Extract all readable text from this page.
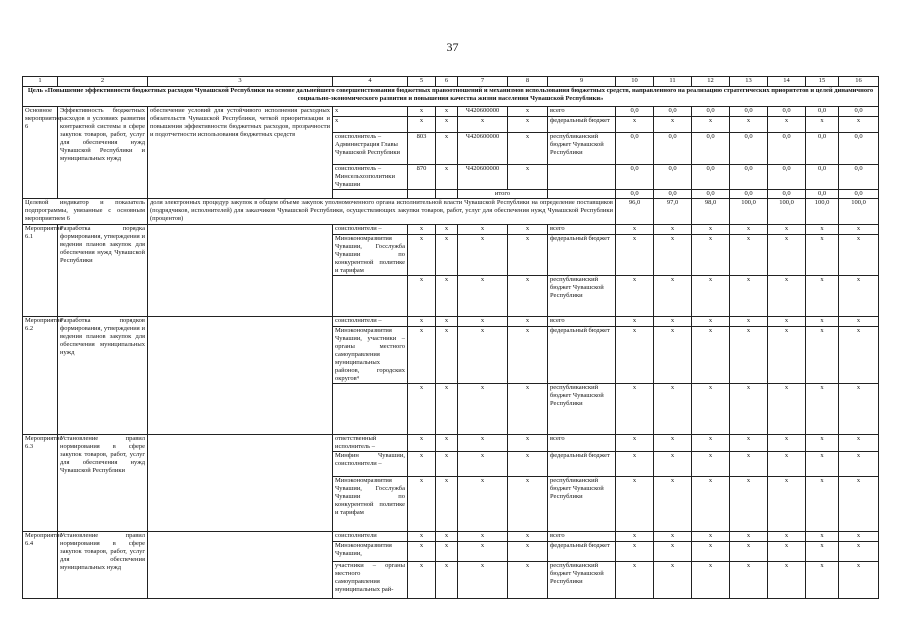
37
1	2	3	4	5	6	7	8	9	10	11	12	13	14	15	16
Цель «Повышение эффективности бюджетных расходов Чувашской Республики на основе дальнейшего совершенствования бюджетных правоотношений и механизмов использования бюджетных средств, направленного на реализацию стратегических приоритетов и целей динамичного социально-экономического развития и повышения качества жизни населения Чувашской Республики»															
Основное мероприятие 6	Эффективность бюджетных расходов в условиях развития контрактной системы в сфере закупок товаров, работ, услуг для обеспечения нужд Чувашской Республики и муниципальных нужд	обеспечение условий для устойчивого исполнения расходных обязательств Чувашской Республики, четкой приоритизации и повышения эффективности бюджетных расходов, прозрачности и подотчетности использования бюджетных средств	х	х	х	Ч420600000	х	всего	0,0	0,0	0,0	0,0	0,0	0,0	0,0
			х	х	х	х	х	федеральный бюджет	х	х	х	х	х	х	х
			соисполнитель – Администрация Главы Чувашской Республики	803	х	Ч420600000	х	республиканский бюджет Чувашской Республики	0,0	0,0	0,0	0,0	0,0	0,0	0,0
			соисполнитель – Минсельхозполитики Чувашии	870	х	Ч420600000	х		0,0	0,0	0,0	0,0	0,0	0,0	0,0
						итого			0,0	0,0	0,0	0,0	0,0	0,0	0,0
Целевой индикатор и показатель подпрограммы, увязанные с основным мероприятием 6		доля электронных процедур закупок в общем объеме закупок уполномоченного органа исполнительной власти Чувашской Республики на определение поставщиков (подрядчиков, исполнителей) для заказчиков Чувашской Республики, осуществляющих закупки товаров, работ, услуг для обеспечения нужд Чувашской Республики (процентов)							96,0	97,0	98,0	100,0	100,0	100,0	100,0
Мероприятие 6.1	Разработка порядка формирования, утверждения и ведения планов закупок для обеспечения нужд Чувашской Республики		соисполнители –	х	х	х	х	всего	х	х	х	х	х	х	х
			Минэкономразвития Чувашии, Госслужба Чувашии по конкурентной политике и тарифам	х	х	х	х	федеральный бюджет	х	х	х	х	х	х	х
				х	х	х	х	республиканский бюджет Чувашской Республики	х	х	х	х	х	х	х
Мероприятие 6.2	Разработка порядков формирования, утверждения и ведения планов закупок для обеспечения муниципальных нужд		соисполнители –	х	х	х	х	всего	х	х	х	х	х	х	х
			Минэкономразвития Чувашии, участники – органы местного самоуправления муниципальных районов, городских округов⁴	х	х	х	х	федеральный бюджет	х	х	х	х	х	х	х
				х	х	х	х	республиканский бюджет Чувашской Республики	х	х	х	х	х	х	х
Мероприятие 6.3	Установление правил нормирования в сфере закупок товаров, работ, услуг для обеспечения нужд Чувашской Республики		ответственный исполнитель –	х	х	х	х	всего	х	х	х	х	х	х	х
			Минфин Чувашии, соисполнители –	х	х	х	х	федеральный бюджет	х	х	х	х	х	х	х
			Минэкономразвития Чувашии, Госслужба Чувашии по конкурентной политике и тарифам	х	х	х	х	республиканский бюджет Чувашской Республики	х	х	х	х	х	х	х
Мероприятие 6.4	Установление правил нормирования в сфере закупок товаров, работ, услуг для обеспечения муниципальных нужд		соисполнители	х	х	х	х	всего	х	х	х	х	х	х	х
			Минэкономразвития Чувашии,	х	х	х	х	федеральный бюджет	х	х	х	х	х	х	х
			участники – органы местного самоуправления муниципальных рай-	х	х	х	х	республиканский бюджет Чувашской Республики	х	х	х	х	х	х	х
